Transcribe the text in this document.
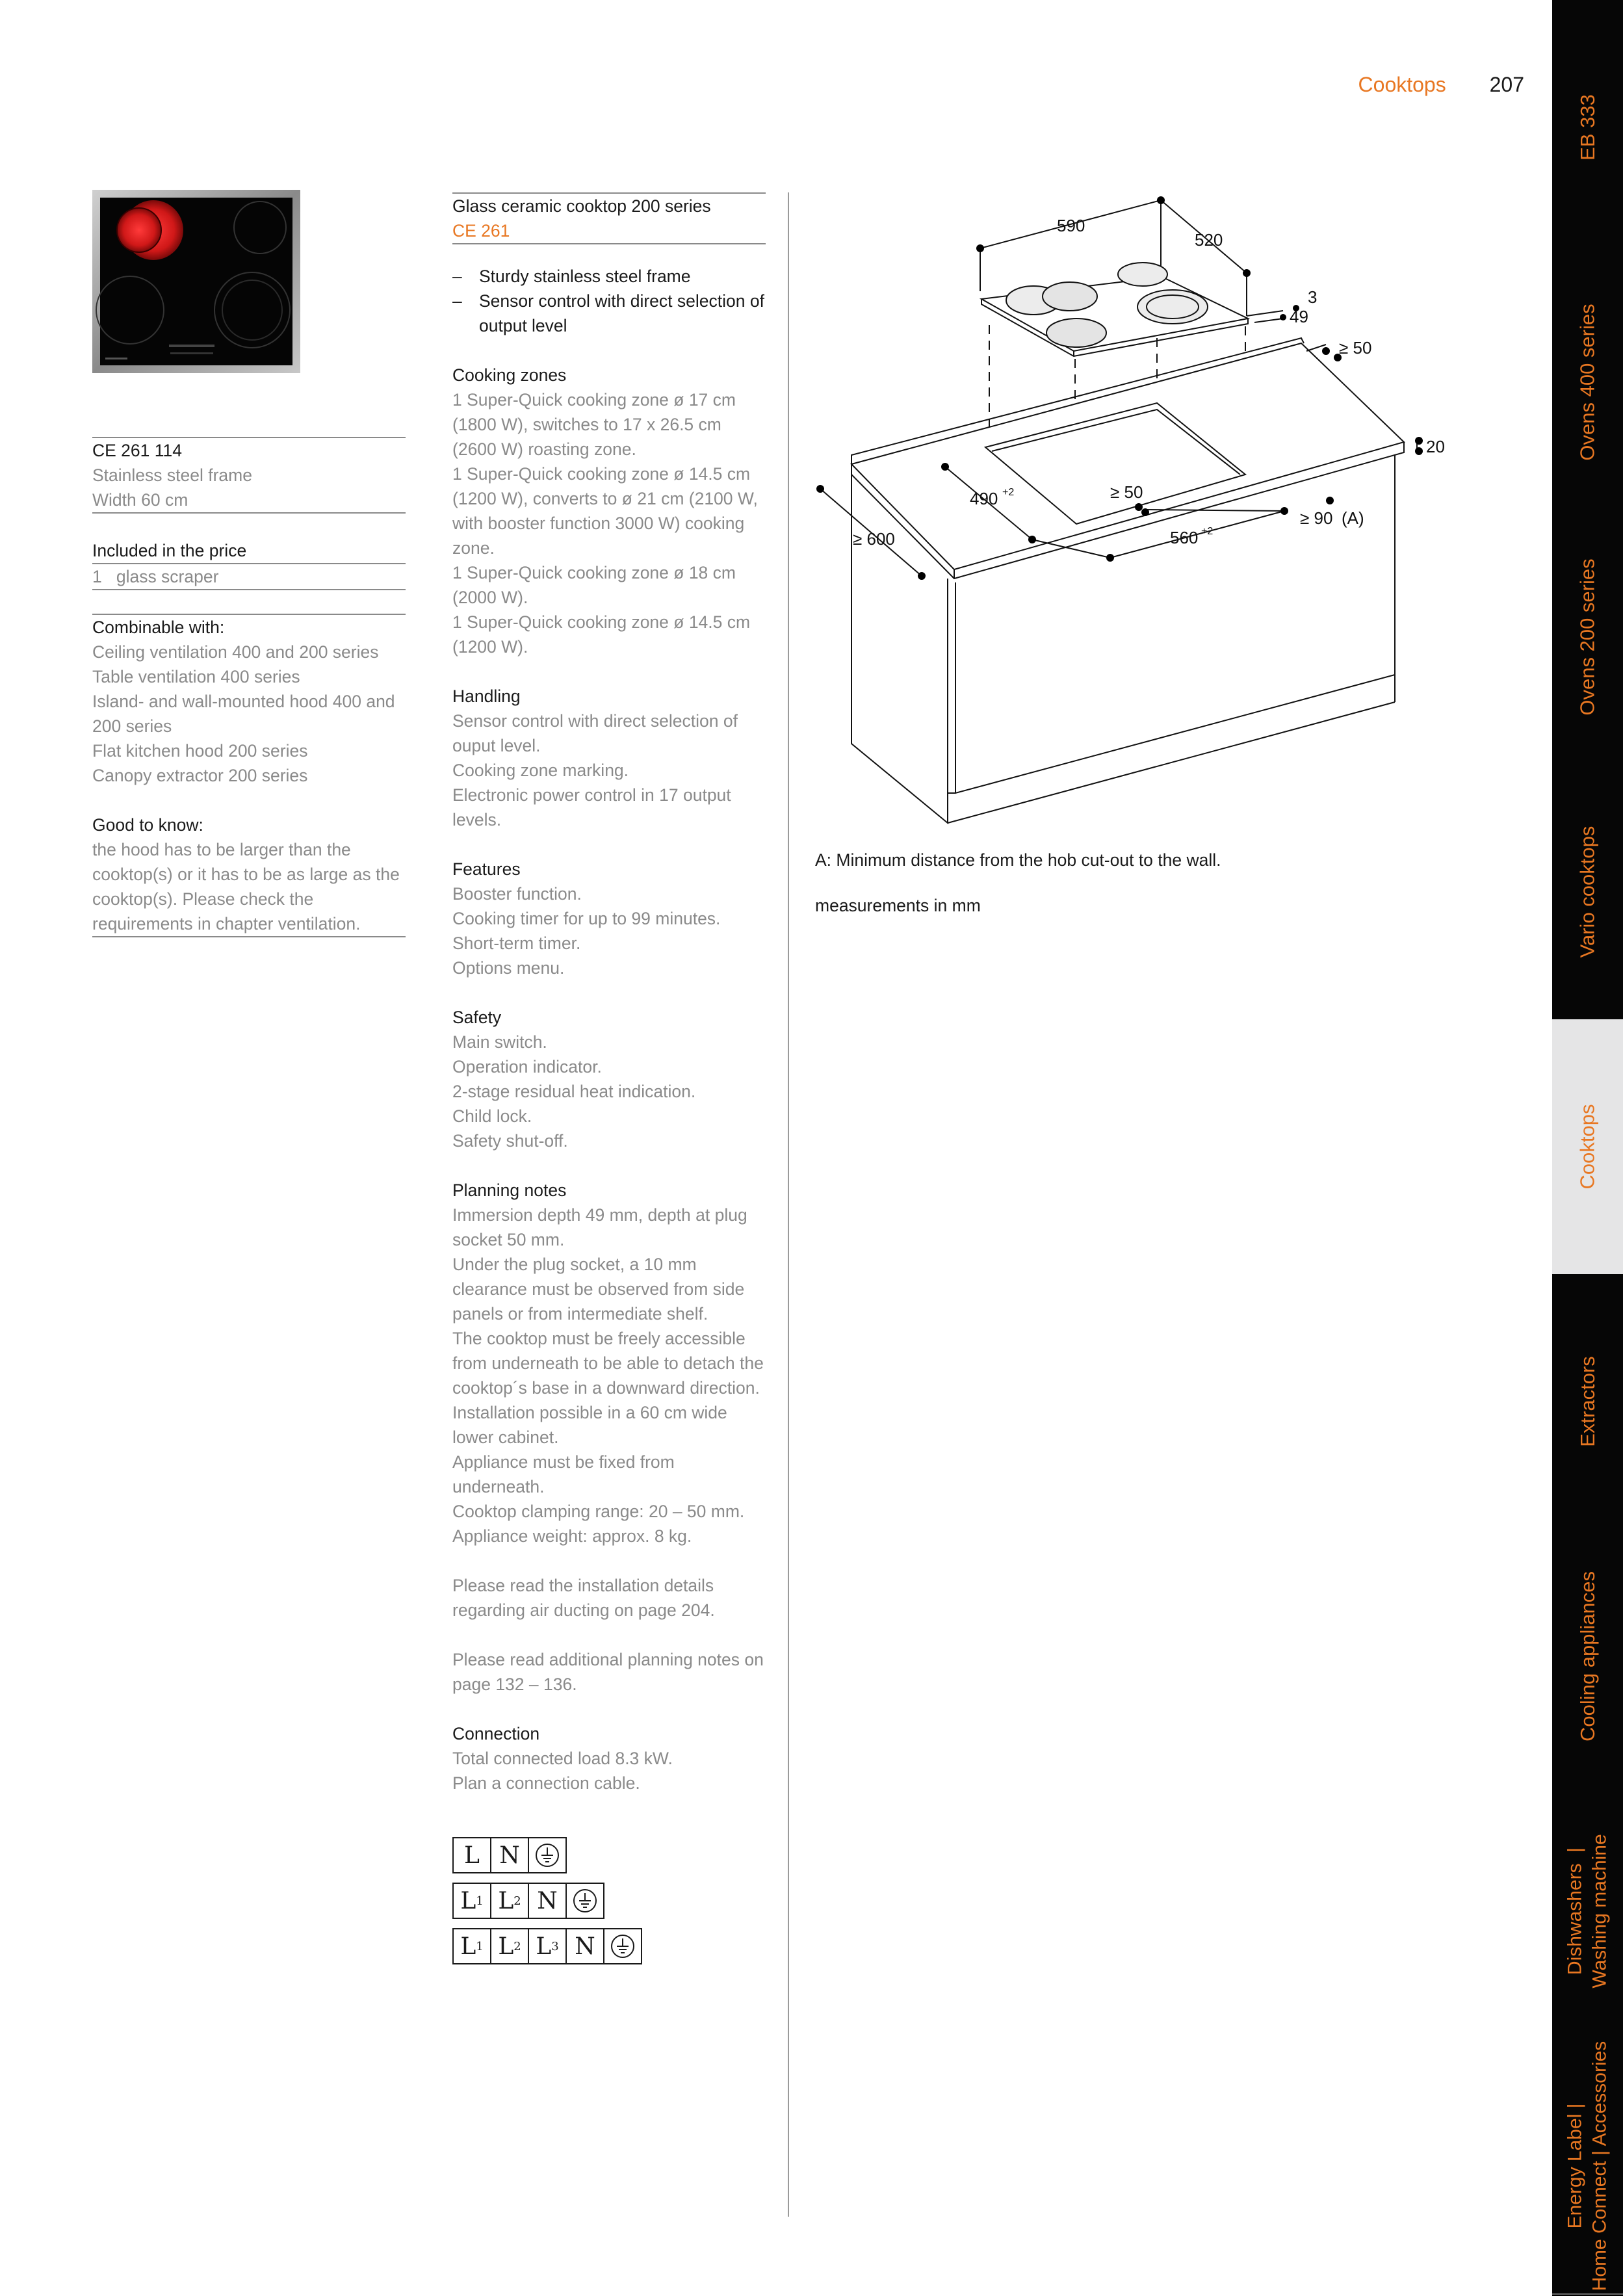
Cooktops 207
CE 261 114
Stainless steel frame
Width 60 cm
Included in the price
1   glass scraper
Combinable with:
Ceiling ventilation 400 and 200 series
Table ventilation 400 series
Island- and wall-mounted hood 400 and 200 series
Flat kitchen hood 200 series
Canopy extractor 200 series
Good to know:
the hood has to be larger than the cooktop(s) or it has to be as large as the cooktop(s). Please check the requirements in chapter ventilation.
Glass ceramic cooktop 200 series
CE 261
– Sturdy stainless steel frame
– Sensor control with direct selection of output level

Cooking zones

1 Super-Quick cooking zone ø 17 cm (1800 W), switches to 17 x 26.5 cm (2600 W) roasting zone.

1 Super-Quick cooking zone ø 14.5 cm (1200 W), converts to ø 21 cm (2100 W, with booster function 3000 W) cooking zone.

1 Super-Quick cooking zone ø 18 cm (2000 W).

1 Super-Quick cooking zone ø 14.5 cm (1200 W).

Handling

Sensor control with direct selection of ouput level.

Cooking zone marking.

Electronic power control in 17 output levels.

Features

Booster function.

Cooking timer for up to 99 minutes.

Short-term timer.

Options menu.

Safety

Main switch.

Operation indicator.

2-stage residual heat indication.

Child lock.

Safety shut-off.

Planning notes

Immersion depth 49 mm, depth at plug socket 50 mm.

Under the plug socket, a 10 mm clearance must be observed from side panels or from intermediate shelf.

The cooktop must be freely accessible from underneath to be able to detach the cooktop´s base in a downward direction.

Installation possible in a 60 cm wide lower cabinet.

Appliance must be fixed from underneath.

Cooktop clamping range: 20 – 50 mm.

Appliance weight: approx. 8 kg.

Please read the installation details regarding air ducting on page 204.

Please read additional planning notes on page 132 – 136.

Connection

Total connected load 8.3 kW.

Plan a connection cable.

L N
L 1 L 2 N
L 1 L 2 L 3 N
590
520
3
49
≥ 50
20
490 +2	≥ 50
≥ 600	560 +2
≥ 90 (A)
A: Minimum distance from the hob cut-out to the wall.
measurements in mm
EB 333
Ovens 400 series
Ovens 200 series
Vario cooktops
Cooktops
Extractors
Cooling appliances
Dishwashers  | Washing machine
Energy Label | Home Connect | Accessories
